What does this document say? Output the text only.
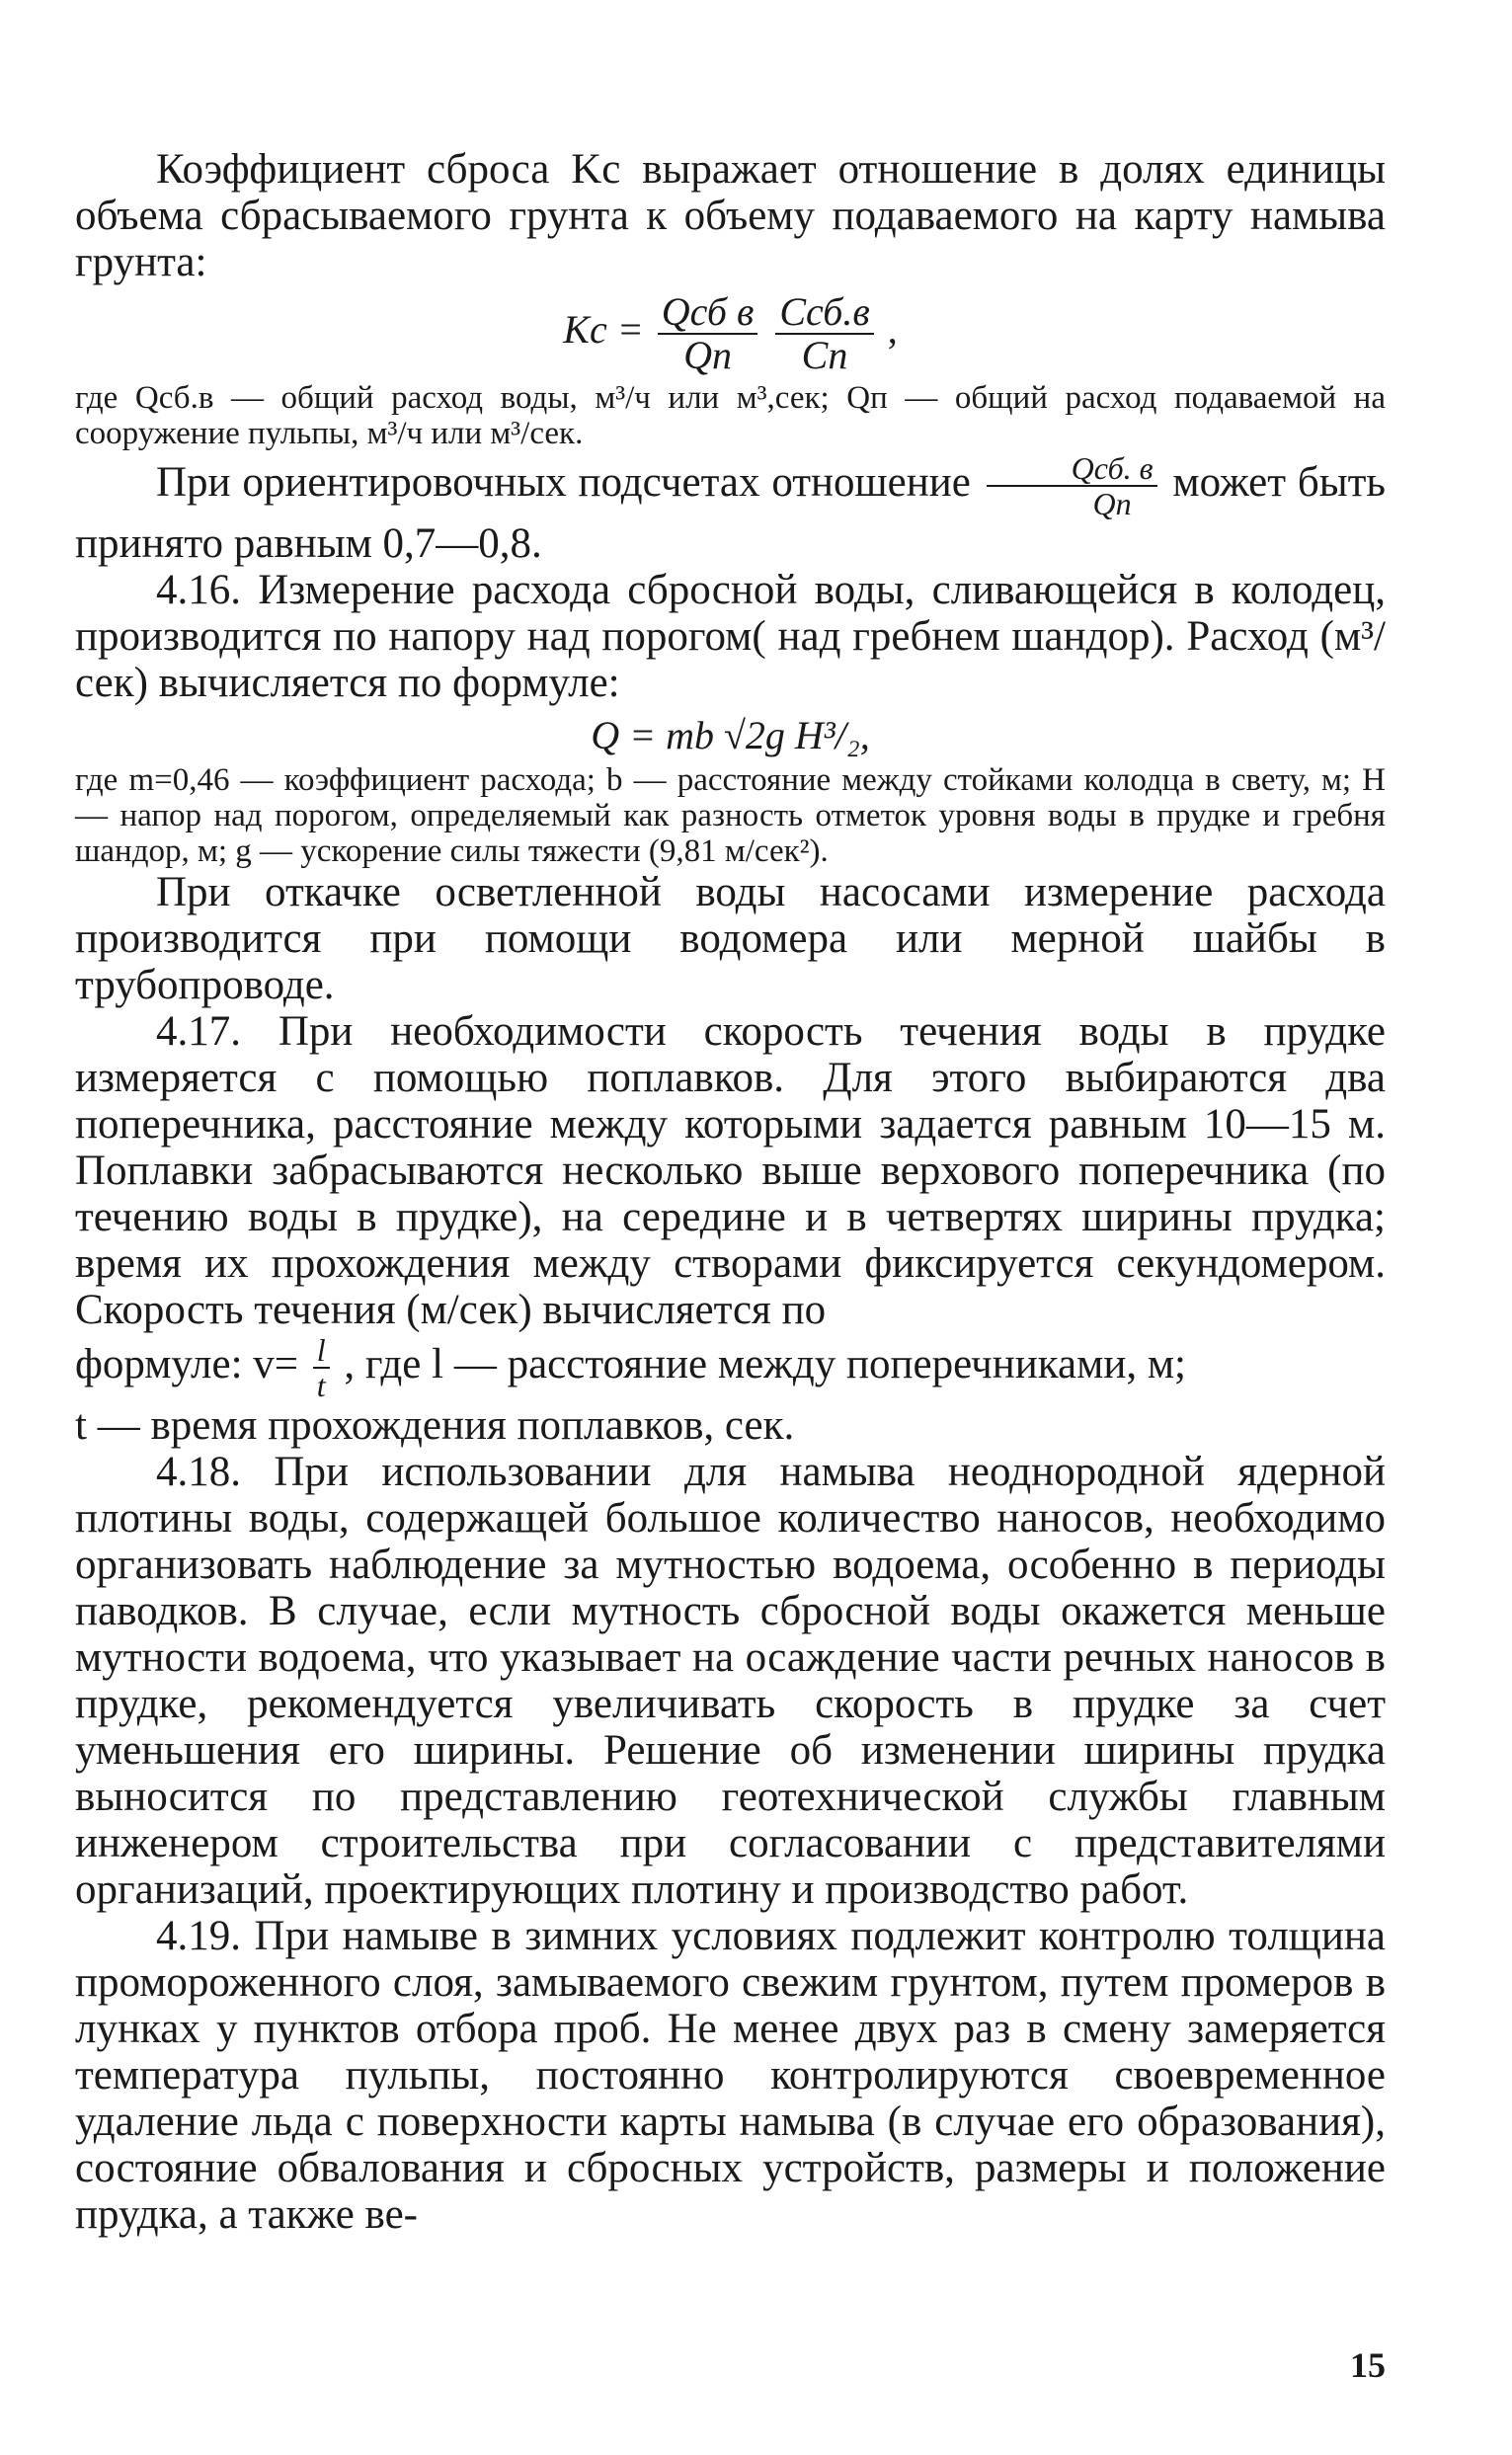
Коэффициент сброса Kс выражает отношение в долях единицы объема сбрасываемого грунта к объему подаваемого на карту намыва грунта:

Kс = $\frac{\text{Qсб в}}{Qп}$
$\frac{\text{Cсб.в}}{Cп}$ ,

где Qсб.в — общий расход воды, м³/ч или м³,сек; Qп — общий расход подаваемой на сооружение пульпы, м³/ч или м³/сек.

При ориентировочных подсчетах отношение $\frac{\text{Qсб. в}}{Qп}$ может быть принято равным 0,7—0,8.

4.16. Измерение расхода сбросной воды, сливающейся в колодец, производится по напору над порогом( над гребнем шандор). Расход (м³/сек) вычисляется по формуле:

Q = mb √2g H³/₂,

где m=0,46 — коэффициент расхода; b — расстояние между стойками колодца в свету, м; H — напор над порогом, определяемый как разность отметок уровня воды в прудке и гребня шандор, м; g — ускорение силы тяжести (9,81 м/сек²).

При откачке осветленной воды насосами измерение расхода производится при помощи водомера или мерной шайбы в трубопроводе.

4.17. При необходимости скорость течения воды в прудке измеряется с помощью поплавков. Для этого выбираются два поперечника, расстояние между которыми задается равным 10—15 м. Поплавки забрасываются несколько выше верхового поперечника (по течению воды в прудке), на середине и в четвертях ширины прудка; время их прохождения между створами фиксируется секундомером. Скорость течения (м/сек) вычисляется по

формуле: $v= \frac{l}{t}$ , где l — расстояние между поперечниками, м;

t — время прохождения поплавков, сек.

4.18. При использовании для намыва неоднородной ядерной плотины воды, содержащей большое количество наносов, необходимо организовать наблюдение за мутностью водоема, особенно в периоды паводков. В случае, если мутность сбросной воды окажется меньше мутности водоема, что указывает на осаждение части речных наносов в прудке, рекомендуется увеличивать скорость в прудке за счет уменьшения его ширины. Решение об изменении ширины прудка выносится по представлению геотехнической службы главным инженером строительства при согласовании с представителями организаций, проектирующих плотину и производство работ.

4.19. При намыве в зимних условиях подлежит контролю толщина промороженного слоя, замываемого свежим грунтом, путем промеров в лунках у пунктов отбора проб. Не менее двух раз в смену замеряется температура пульпы, постоянно контролируются своевременное удаление льда с поверхности карты намыва (в случае его образования), состояние обвалования и сбросных устройств, размеры и положение прудка, а также ве-

15
